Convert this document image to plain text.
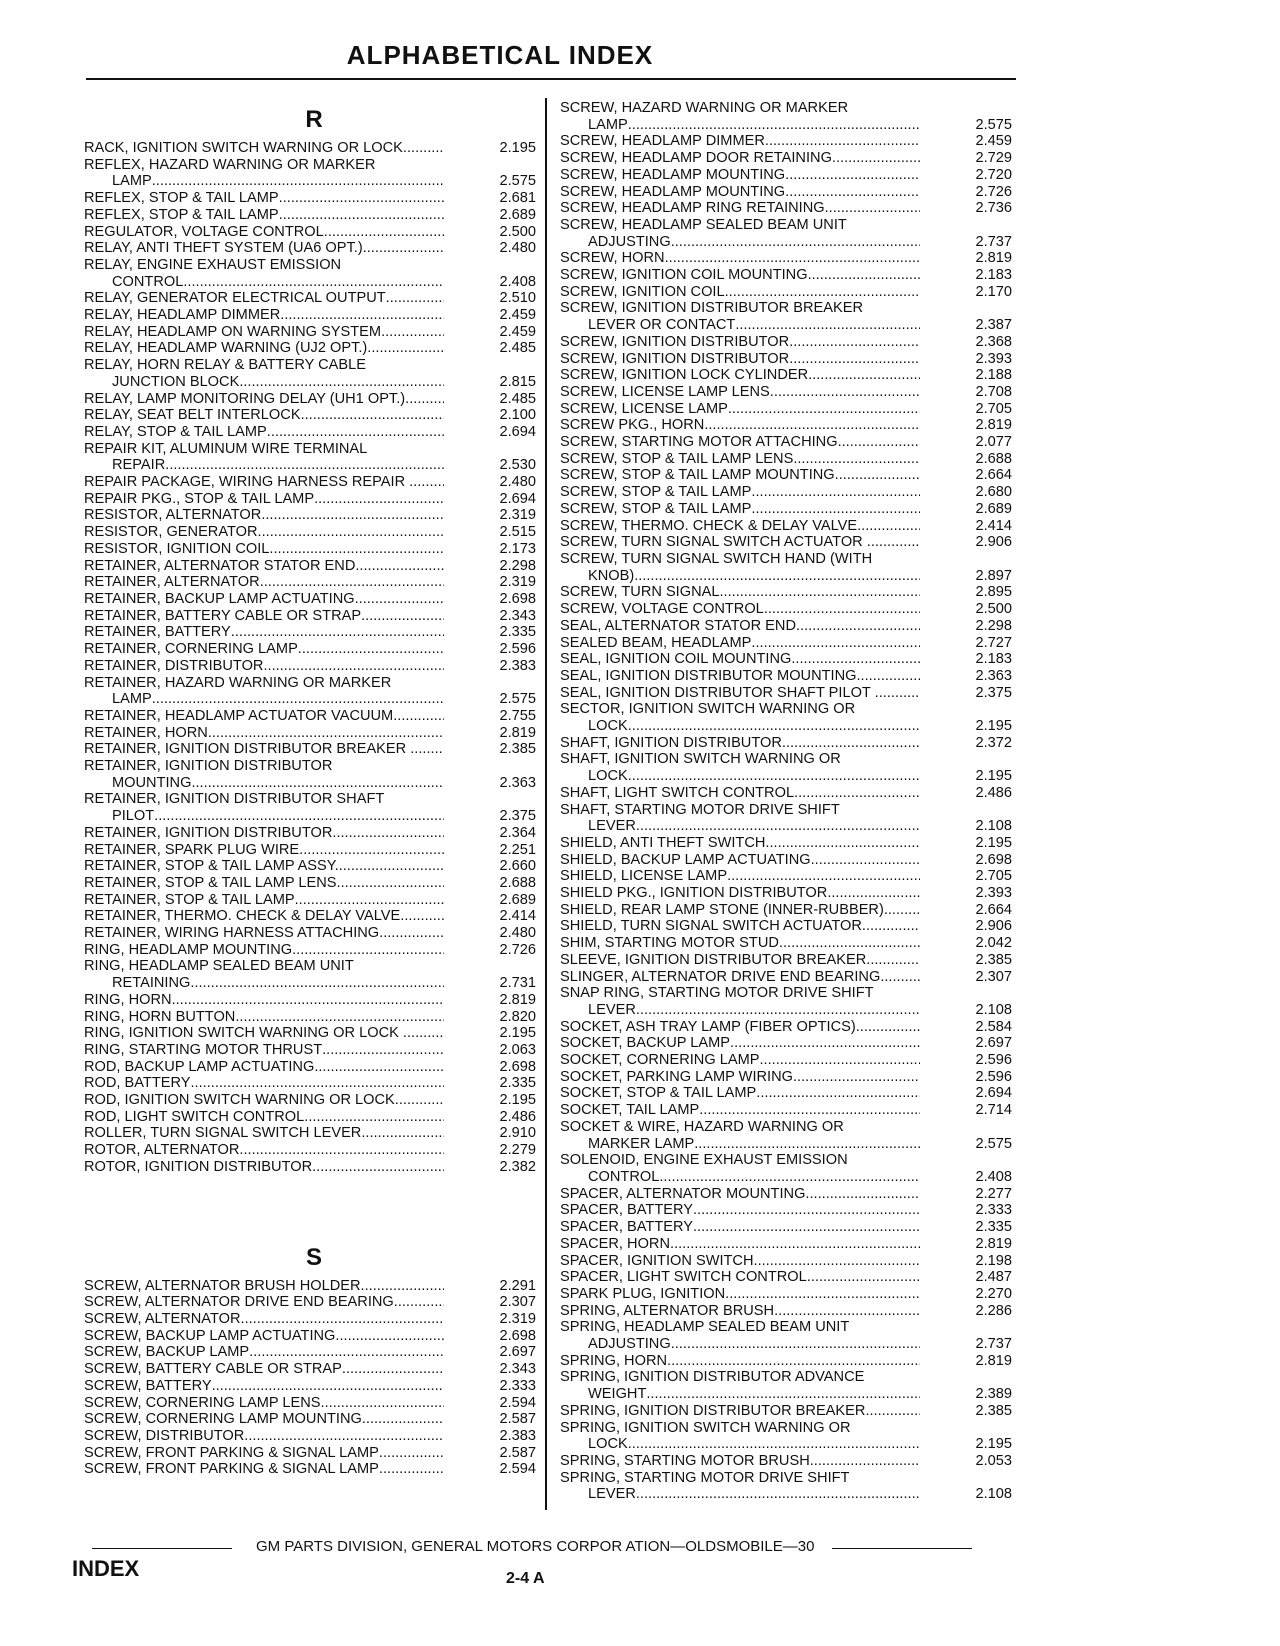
ALPHABETICAL INDEX
R
RACK, IGNITION SWITCH WARNING OR LOCK. .....	2.195
REFLEX, HAZARD WARNING OR MARKER
LAMP .....	2.575
REFLEX, STOP & TAIL LAMP .....	2.681
REFLEX, STOP & TAIL LAMP .....	2.689
REGULATOR, VOLTAGE CONTROL .....	2.500
RELAY, ANTI THEFT SYSTEM (UA6 OPT.) .....	2.480
RELAY, ENGINE EXHAUST EMISSION
CONTROL .....	2.408
RELAY, GENERATOR ELECTRICAL OUTPUT .....	2.510
RELAY, HEADLAMP DIMMER .....	2.459
RELAY, HEADLAMP ON WARNING SYSTEM .....	2.459
RELAY, HEADLAMP WARNING (UJ2 OPT.) .....	2.485
RELAY, HORN RELAY & BATTERY CABLE
JUNCTION BLOCK .....	2.815
RELAY, LAMP MONITORING DELAY (UH1 OPT.) .....	2.485
RELAY, SEAT BELT INTERLOCK .....	2.100
RELAY, STOP & TAIL LAMP .....	2.694
REPAIR KIT, ALUMINUM WIRE TERMINAL
REPAIR .....	2.530
REPAIR PACKAGE, WIRING HARNESS REPAIR .. .....	2.480
REPAIR PKG., STOP & TAIL LAMP .....	2.694
RESISTOR, ALTERNATOR .....	2.319
RESISTOR, GENERATOR .....	2.515
RESISTOR, IGNITION COIL .....	2.173
RETAINER, ALTERNATOR STATOR END .....	2.298
RETAINER, ALTERNATOR .....	2.319
RETAINER, BACKUP LAMP ACTUATING .....	2.698
RETAINER, BATTERY CABLE OR STRAP .....	2.343
RETAINER, BATTERY .....	2.335
RETAINER, CORNERING LAMP .....	2.596
RETAINER, DISTRIBUTOR .....	2.383
RETAINER, HAZARD WARNING OR MARKER
LAMP .....	2.575
RETAINER, HEADLAMP ACTUATOR VACUUM.... .....	2.755
RETAINER, HORN .....	2.819
RETAINER, IGNITION DISTRIBUTOR BREAKER .. .....	2.385
RETAINER, IGNITION DISTRIBUTOR
MOUNTING .....	2.363
RETAINER, IGNITION DISTRIBUTOR SHAFT
PILOT .....	2.375
RETAINER, IGNITION DISTRIBUTOR .....	2.364
RETAINER, SPARK PLUG WIRE .....	2.251
RETAINER, STOP & TAIL LAMP ASSY. .....	2.660
RETAINER, STOP & TAIL LAMP LENS .....	2.688
RETAINER, STOP & TAIL LAMP .....	2.689
RETAINER, THERMO. CHECK & DELAY VALVE... .....	2.414
RETAINER, WIRING HARNESS ATTACHING .....	2.480
RING, HEADLAMP MOUNTING .....	2.726
RING, HEADLAMP SEALED BEAM UNIT
RETAINING .....	2.731
RING, HORN .....	2.819
RING, HORN BUTTON .....	2.820
RING, IGNITION SWITCH WARNING OR LOCK .. .....	2.195
RING, STARTING MOTOR THRUST .....	2.063
ROD, BACKUP LAMP ACTUATING .....	2.698
ROD, BATTERY .....	2.335
ROD, IGNITION SWITCH WARNING OR LOCK.... .....	2.195
ROD, LIGHT SWITCH CONTROL .....	2.486
ROLLER, TURN SIGNAL SWITCH LEVER .....	2.910
ROTOR, ALTERNATOR .....	2.279
ROTOR, IGNITION DISTRIBUTOR .....	2.382
S
SCREW, ALTERNATOR BRUSH HOLDER .....	2.291
SCREW, ALTERNATOR DRIVE END BEARING..... .....	2.307
SCREW, ALTERNATOR .....	2.319
SCREW, BACKUP LAMP ACTUATING .....	2.698
SCREW, BACKUP LAMP .....	2.697
SCREW, BATTERY CABLE OR STRAP .....	2.343
SCREW, BATTERY .....	2.333
SCREW, CORNERING LAMP LENS .....	2.594
SCREW, CORNERING LAMP MOUNTING .....	2.587
SCREW, DISTRIBUTOR .....	2.383
SCREW, FRONT PARKING & SIGNAL LAMP .....	2.587
SCREW, FRONT PARKING & SIGNAL LAMP .....	2.594
SCREW, HAZARD WARNING OR MARKER
LAMP .....	2.575
SCREW, HEADLAMP DIMMER .....	2.459
SCREW, HEADLAMP DOOR RETAINING .....	2.729
SCREW, HEADLAMP MOUNTING .....	2.720
SCREW, HEADLAMP MOUNTING .....	2.726
SCREW, HEADLAMP RING RETAINING .....	2.736
SCREW, HEADLAMP SEALED BEAM UNIT
ADJUSTING .....	2.737
SCREW, HORN .....	2.819
SCREW, IGNITION COIL MOUNTING .....	2.183
SCREW, IGNITION COIL .....	2.170
SCREW, IGNITION DISTRIBUTOR BREAKER
LEVER OR CONTACT .....	2.387
SCREW, IGNITION DISTRIBUTOR .....	2.368
SCREW, IGNITION DISTRIBUTOR .....	2.393
SCREW, IGNITION LOCK CYLINDER .....	2.188
SCREW, LICENSE LAMP LENS .....	2.708
SCREW, LICENSE LAMP .....	2.705
SCREW PKG., HORN .....	2.819
SCREW, STARTING MOTOR ATTACHING .....	2.077
SCREW, STOP & TAIL LAMP LENS .....	2.688
SCREW, STOP & TAIL LAMP MOUNTING .....	2.664
SCREW, STOP & TAIL LAMP .....	2.680
SCREW, STOP & TAIL LAMP .....	2.689
SCREW, THERMO. CHECK & DELAY VALVE .....	2.414
SCREW, TURN SIGNAL SWITCH ACTUATOR ..... .....	2.906
SCREW, TURN SIGNAL SWITCH HAND (WITH
KNOB) .....	2.897
SCREW, TURN SIGNAL .....	2.895
SCREW, VOLTAGE CONTROL .....	2.500
SEAL, ALTERNATOR STATOR END .....	2.298
SEALED BEAM, HEADLAMP .....	2.727
SEAL, IGNITION COIL MOUNTING .....	2.183
SEAL, IGNITION DISTRIBUTOR MOUNTING .....	2.363
SEAL, IGNITION DISTRIBUTOR SHAFT PILOT .... .....	2.375
SECTOR, IGNITION SWITCH WARNING OR
LOCK .....	2.195
SHAFT, IGNITION DISTRIBUTOR .....	2.372
SHAFT, IGNITION SWITCH WARNING OR
LOCK .....	2.195
SHAFT, LIGHT SWITCH CONTROL .....	2.486
SHAFT, STARTING MOTOR DRIVE SHIFT
LEVER .....	2.108
SHIELD, ANTI THEFT SWITCH .....	2.195
SHIELD, BACKUP LAMP ACTUATING .....	2.698
SHIELD, LICENSE LAMP .....	2.705
SHIELD PKG., IGNITION DISTRIBUTOR .....	2.393
SHIELD, REAR LAMP STONE (INNER-RUBBER)... .....	2.664
SHIELD, TURN SIGNAL SWITCH ACTUATOR...... .....	2.906
SHIM, STARTING MOTOR STUD .....	2.042
SLEEVE, IGNITION DISTRIBUTOR BREAKER .....	2.385
SLINGER, ALTERNATOR DRIVE END BEARING... .....	2.307
SNAP RING, STARTING MOTOR DRIVE SHIFT
LEVER .....	2.108
SOCKET, ASH TRAY LAMP (FIBER OPTICS) .....	2.584
SOCKET, BACKUP LAMP .....	2.697
SOCKET, CORNERING LAMP .....	2.596
SOCKET, PARKING LAMP WIRING .....	2.596
SOCKET, STOP & TAIL LAMP .....	2.694
SOCKET, TAIL LAMP .....	2.714
SOCKET & WIRE, HAZARD WARNING OR
MARKER LAMP .....	2.575
SOLENOID, ENGINE EXHAUST EMISSION
CONTROL .....	2.408
SPACER, ALTERNATOR MOUNTING .....	2.277
SPACER, BATTERY .....	2.333
SPACER, BATTERY .....	2.335
SPACER, HORN .....	2.819
SPACER, IGNITION SWITCH .....	2.198
SPACER, LIGHT SWITCH CONTROL .....	2.487
SPARK PLUG, IGNITION .....	2.270
SPRING, ALTERNATOR BRUSH .....	2.286
SPRING, HEADLAMP SEALED BEAM UNIT
ADJUSTING .....	2.737
SPRING, HORN .....	2.819
SPRING, IGNITION DISTRIBUTOR ADVANCE
WEIGHT .....	2.389
SPRING, IGNITION DISTRIBUTOR BREAKER .....	2.385
SPRING, IGNITION SWITCH WARNING OR
LOCK .....	2.195
SPRING, STARTING MOTOR BRUSH .....	2.053
SPRING, STARTING MOTOR DRIVE SHIFT
LEVER .....	2.108
GM PARTS DIVISION, GENERAL MOTORS CORPOR ATION—OLDSMOBILE—30
INDEX	2-4 A
